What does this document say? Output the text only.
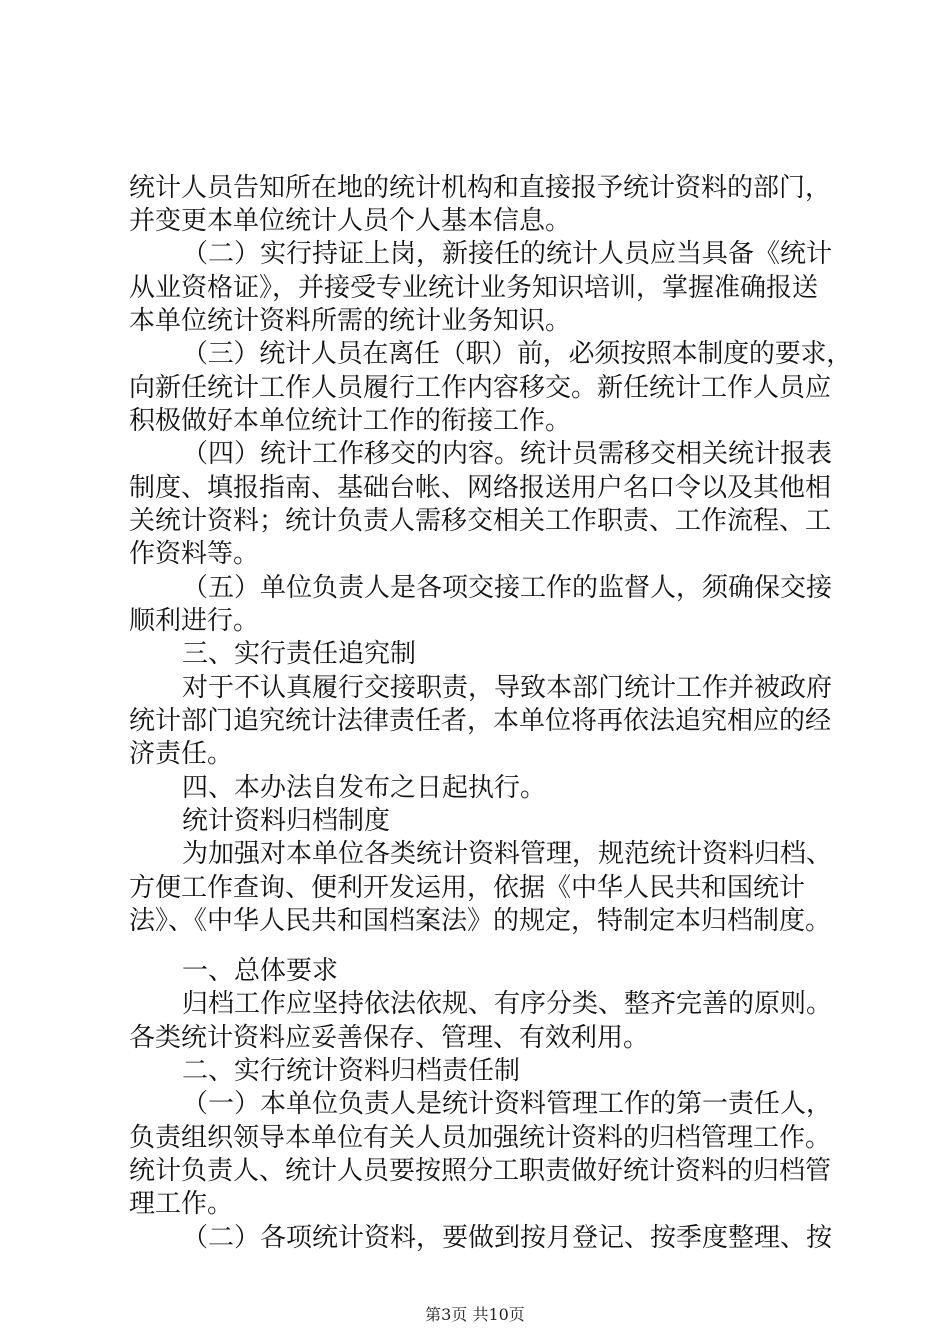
统计人员告知所在地的统计机构和直接报予统计资料的部门，
并变更本单位统计人员个人基本信息。
（二）实行持证上岗，新接任的统计人员应当具备《统计
从业资格证》，并接受专业统计业务知识培训，掌握准确报送
本单位统计资料所需的统计业务知识。
（三）统计人员在离任（职）前，必须按照本制度的要求，
向新任统计工作人员履行工作内容移交。新任统计工作人员应
积极做好本单位统计工作的衔接工作。
（四）统计工作移交的内容。统计员需移交相关统计报表
制度、填报指南、基础台帐、网络报送用户名口令以及其他相
关统计资料；统计负责人需移交相关工作职责、工作流程、工
作资料等。
（五）单位负责人是各项交接工作的监督人，须确保交接
顺利进行。
三、实行责任追究制
对于不认真履行交接职责，导致本部门统计工作并被政府
统计部门追究统计法律责任者，本单位将再依法追究相应的经
济责任。
四、本办法自发布之日起执行。
统计资料归档制度
为加强对本单位各类统计资料管理，规范统计资料归档、
方便工作查询、便利开发运用，依据《中华人民共和国统计
法》、《中华人民共和国档案法》的规定，特制定本归档制度。
一、总体要求
归档工作应坚持依法依规、有序分类、整齐完善的原则。
各类统计资料应妥善保存、管理、有效利用。
二、实行统计资料归档责任制
（一）本单位负责人是统计资料管理工作的第一责任人，
负责组织领导本单位有关人员加强统计资料的归档管理工作。
统计负责人、统计人员要按照分工职责做好统计资料的归档管
理工作。
（二）各项统计资料，要做到按月登记、按季度整理、按
第3页 共10页
